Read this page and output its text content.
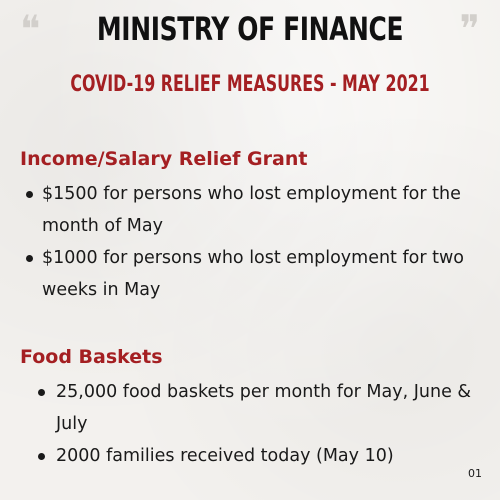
❝	❞
MINISTRY OF FINANCE
COVID-19 RELIEF MEASURES - MAY 2021
Income/Salary Relief Grant
$1500 for persons who lost employment for the month of May
$1000 for persons who lost employment for two weeks in May
Food Baskets
25,000 food baskets per month for May, June & July
2000 families received today (May 10)
01
